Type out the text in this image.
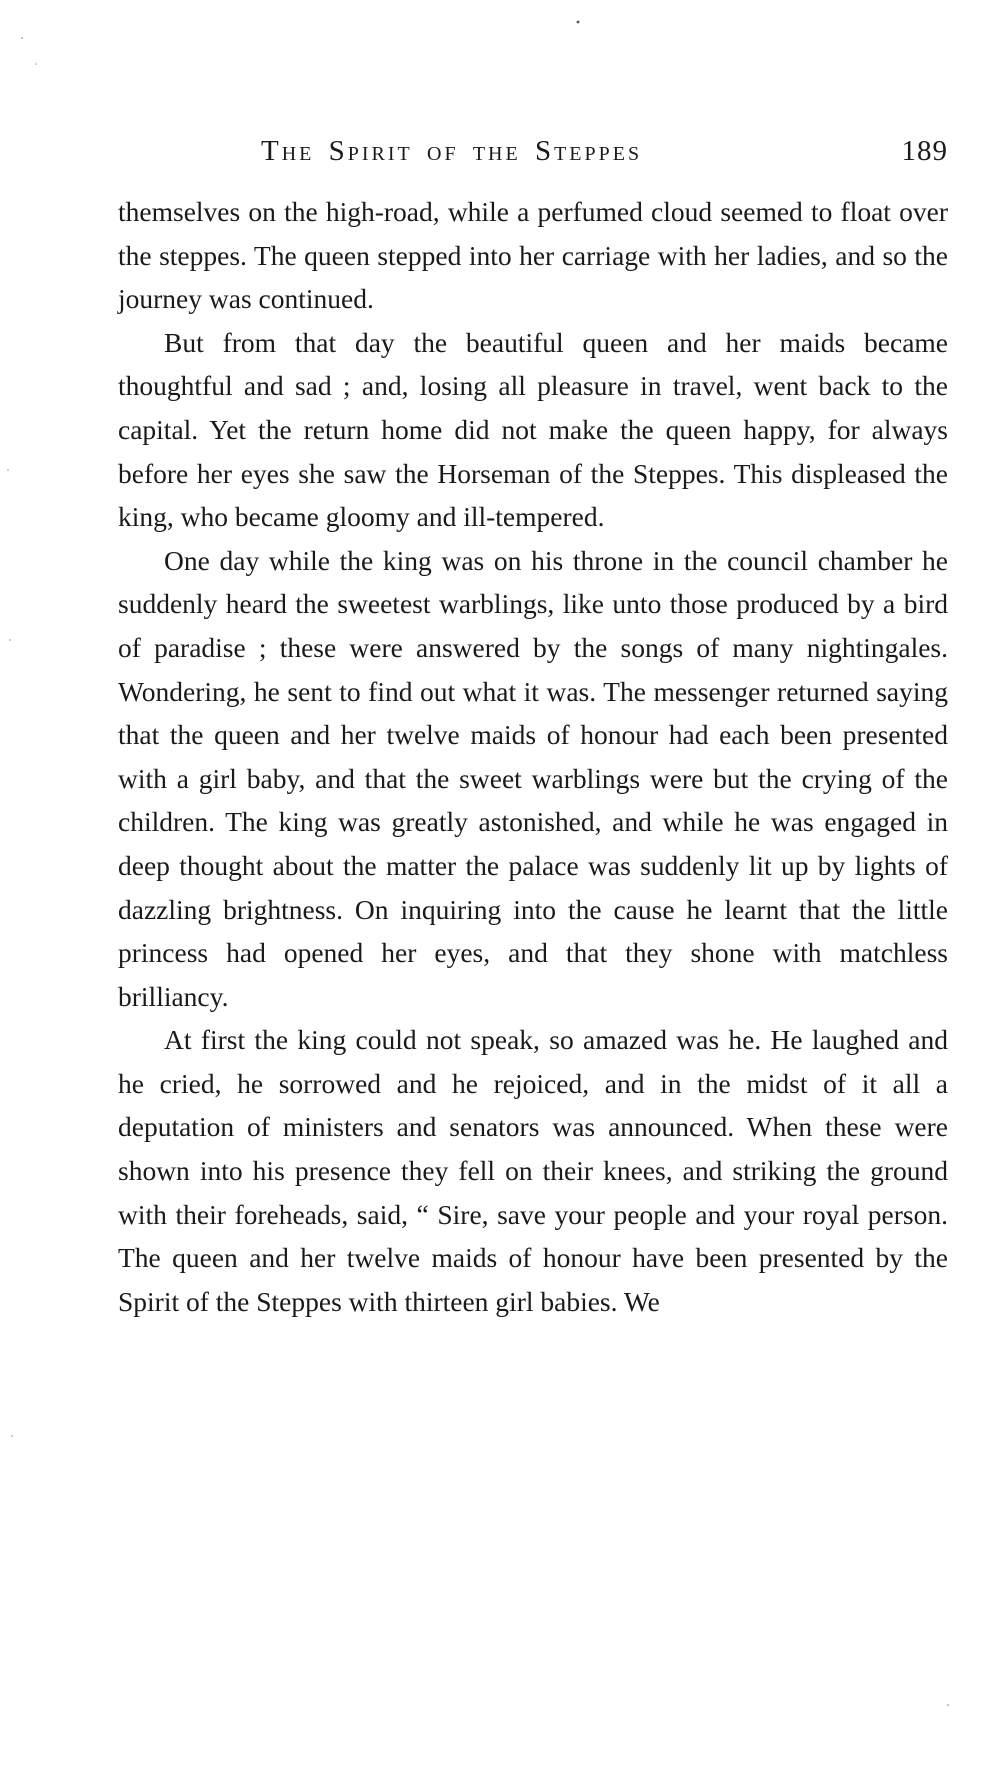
The Spirit of the Steppes	189

themselves on the high-road, while a perfumed cloud seemed to float over the steppes. The queen stepped into her carriage with her ladies, and so the journey was continued.

But from that day the beautiful queen and her maids became thoughtful and sad ; and, losing all pleasure in travel, went back to the capital. Yet the return home did not make the queen happy, for always before her eyes she saw the Horseman of the Steppes. This displeased the king, who became gloomy and ill-tempered.

One day while the king was on his throne in the council chamber he suddenly heard the sweetest warblings, like unto those produced by a bird of paradise ; these were answered by the songs of many nightingales. Wondering, he sent to find out what it was. The messenger returned saying that the queen and her twelve maids of honour had each been presented with a girl baby, and that the sweet warblings were but the crying of the children. The king was greatly astonished, and while he was engaged in deep thought about the matter the palace was suddenly lit up by lights of dazzling brightness. On inquiring into the cause he learnt that the little princess had opened her eyes, and that they shone with matchless brilliancy.

At first the king could not speak, so amazed was he. He laughed and he cried, he sorrowed and he rejoiced, and in the midst of it all a deputation of ministers and senators was announced. When these were shown into his presence they fell on their knees, and striking the ground with their foreheads, said, “ Sire, save your people and your royal person. The queen and her twelve maids of honour have been presented by the Spirit of the Steppes with thirteen girl babies. We
